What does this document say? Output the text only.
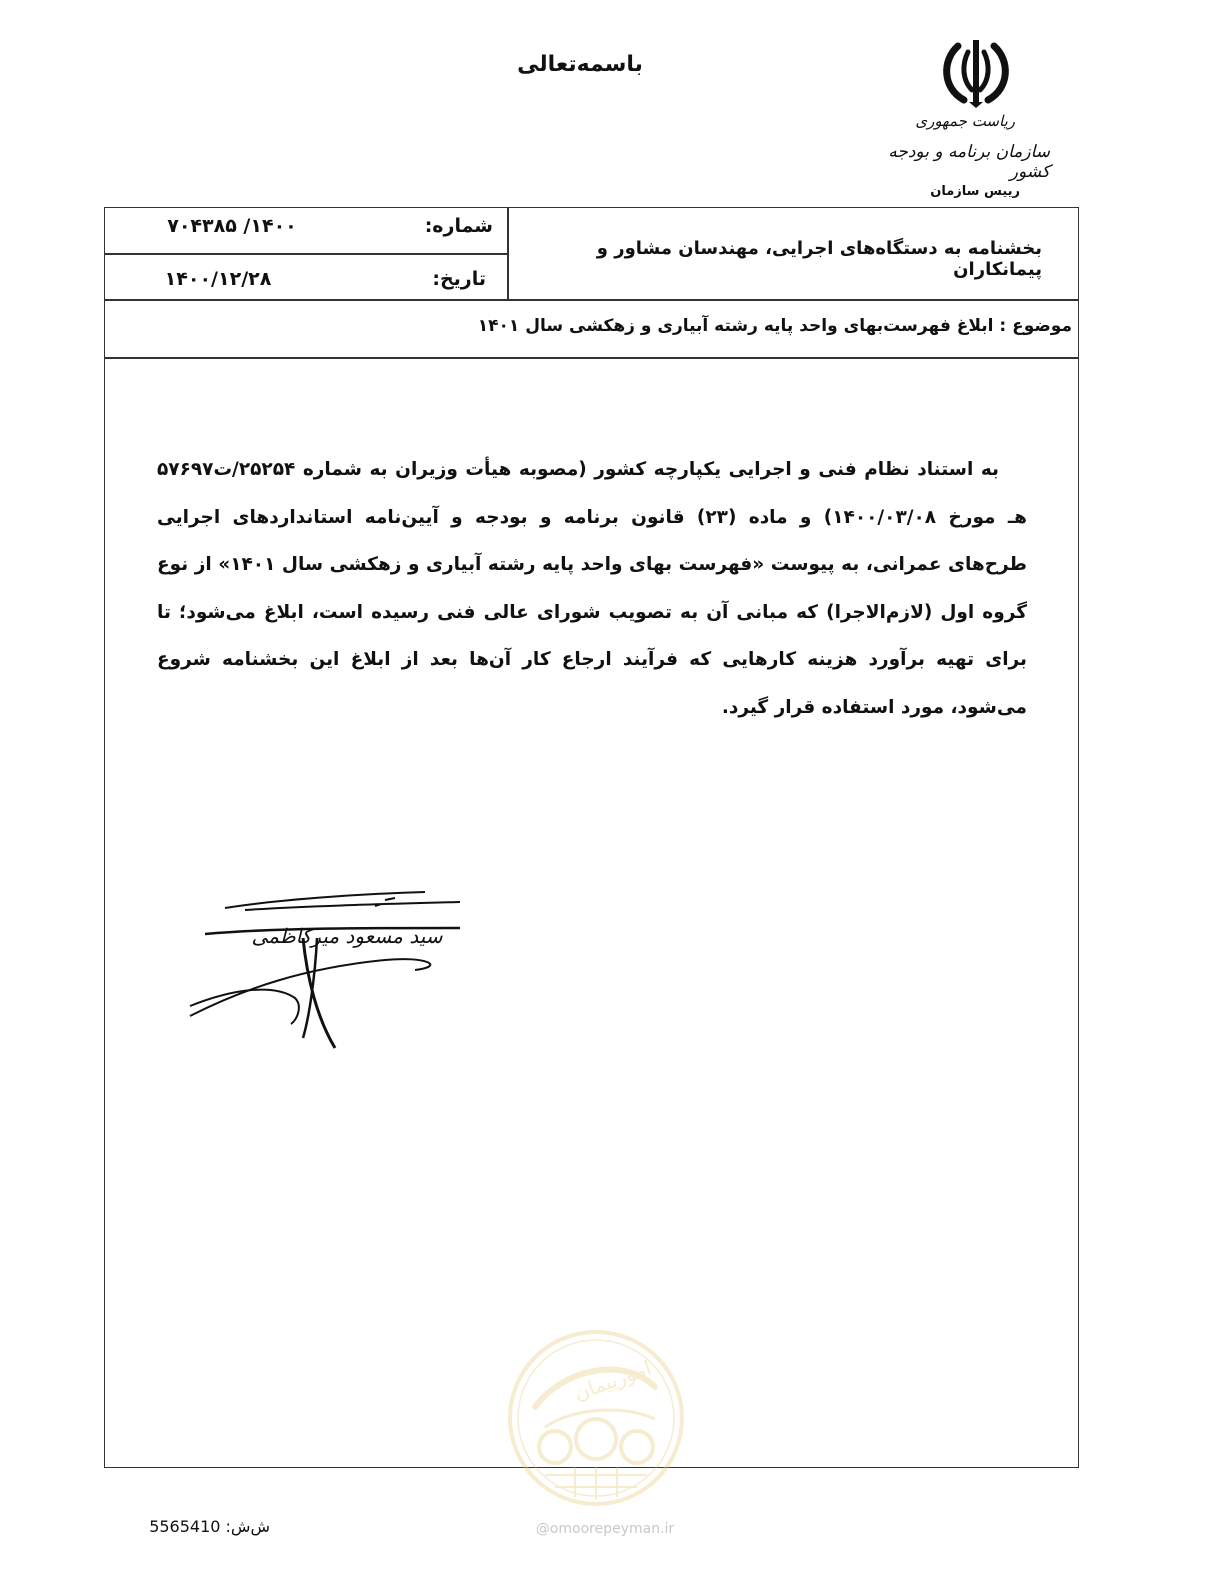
باسمه‌تعالی
ریاست جمهوری
سازمان برنامه و بودجه کشور
رییس سازمان
شماره:
۱۴۰۰/ ۷۰۴۳۸۵
تاریخ:
۱۴۰۰/۱۲/۲۸
بخشنامه به دستگاه‌های اجرایی، مهندسان مشاور و پیمانکاران
موضوع : ابلاغ فهرست‌بهای واحد پایه رشته آبیاری و زهکشی سال ۱۴۰۱
به استناد نظام فنی و اجرایی یکپارچه کشور (مصوبه هیأت وزیران به شماره ۲۵۲۵۴/ت۵۷۶۹۷ هـ مورخ ۱۴۰۰/۰۳/۰۸) و ماده (۲۳) قانون برنامه و بودجه و آیین‌نامه استانداردهای اجرایی طرح‌های عمرانی، به پیوست «فهرست بهای واحد پایه رشته آبیاری و زهکشی سال ۱۴۰۱» از نوع گروه اول (لازم‌الاجرا) که مبانی آن به تصویب شورای عالی فنی رسیده است، ابلاغ می‌شود؛ تا برای تهیه برآورد هزینه کارهایی که فرآیند ارجاع کار آن‌ها بعد از ابلاغ این بخشنامه شروع می‌شود، مورد استفاده قرار گیرد.
سید مسعود میرکاظمی
امورپیمان
@omoorepeyman.ir
ش‌ش: 5565410
